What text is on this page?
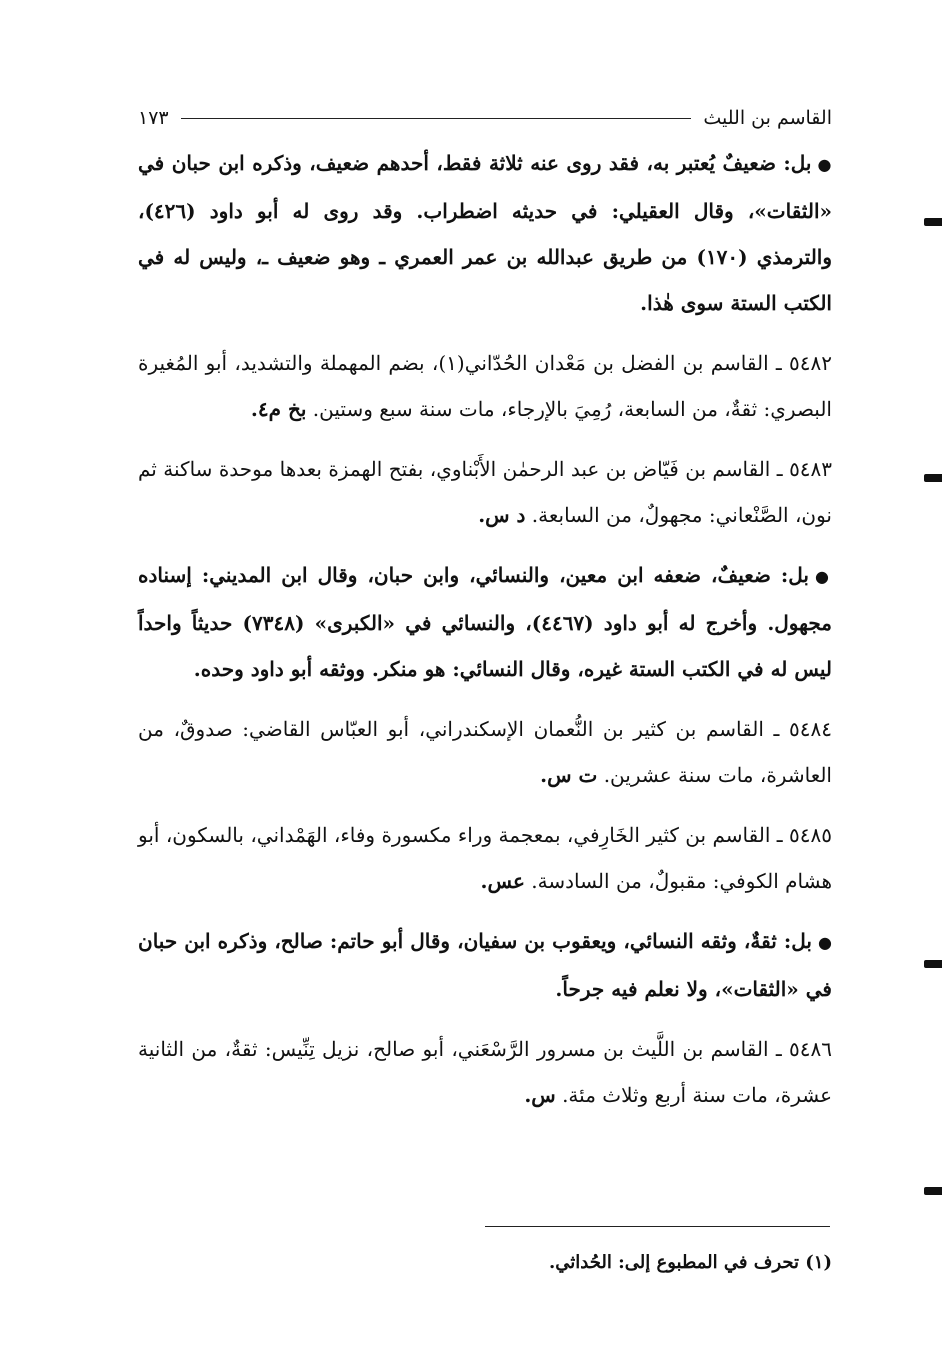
القاسم بن الليث
١٧٣

●بل: ضعيفٌ يُعتبر به، فقد روى عنه ثلاثة فقط، أحدهم ضعيف، وذكره ابن حبان في «الثقات»، وقال العقيلي: في حديثه اضطراب. وقد روى له أبو داود (٤٢٦)، والترمذي (١٧٠) من طريق عبدالله بن عمر العمري ـ وهو ضعيف ـ، وليس له في الكتب الستة سوى هٰذا.

٥٤٨٢ ـ القاسم بن الفضل بن مَعْدان الحُدّاني(١)، بضم المهملة والتشديد، أبو المُغيرة البصري: ثقةٌ، من السابعة، رُمِيَ بالإرجاء، مات سنة سبع وستين. بخ م٤.

٥٤٨٣ ـ القاسم بن فَيّاض بن عبد الرحمٰن الأَبْناوي، بفتح الهمزة بعدها موحدة ساكنة ثم نون، الصَّنْعاني: مجهولٌ، من السابعة. د س.

●بل: ضعيفٌ، ضعفه ابن معين، والنسائي، وابن حبان، وقال ابن المديني: إسناده مجهول. وأخرج له أبو داود (٤٤٦٧)، والنسائي في «الكبرى» (٧٣٤٨) حديثاً واحداً ليس له في الكتب الستة غيره، وقال النسائي: هو منكر. ووثقه أبو داود وحده.

٥٤٨٤ ـ القاسم بن كثير بن النُّعمان الإسكندراني، أبو العبّاس القاضي: صدوقٌ، من العاشرة، مات سنة عشرين. ت س.

٥٤٨٥ ـ القاسم بن كثير الخَارِفي، بمعجمة وراء مكسورة وفاء، الهَمْداني، بالسكون، أبو هشام الكوفي: مقبولٌ، من السادسة. عس.

●بل: ثقةٌ، وثقه النسائي، ويعقوب بن سفيان، وقال أبو حاتم: صالح، وذكره ابن حبان في «الثقات»، ولا نعلم فيه جرحاً.

٥٤٨٦ ـ القاسم بن اللَّيث بن مسرور الرَّسْعَني، أبو صالح، نزيل تِنِّيس: ثقةٌ، من الثانية عشرة، مات سنة أربع وثلاث مئة. س.

(١) تحرف في المطبوع إلى: الحُداثي.
